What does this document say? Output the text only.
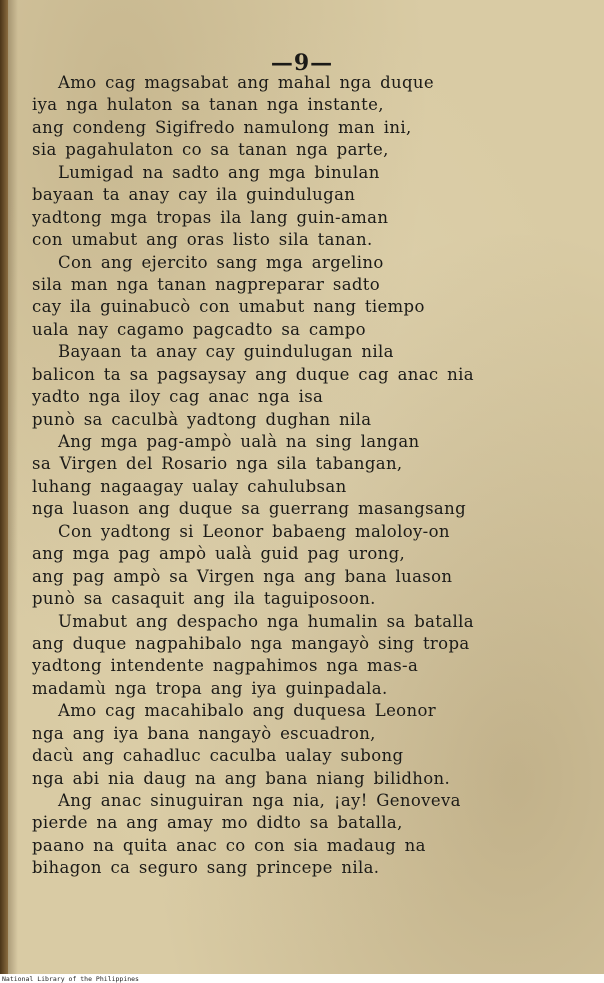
—9—
Amo cag magsabat ang mahal nga duque
iya nga hulaton sa tanan nga instante,
ang condeng Sigifredo namulong man ini,
sia pagahulaton co sa tanan nga parte,
Lumigad na sadto ang mga binulan
bayaan ta anay cay ila guindulugan
yadtong mga tropas ila lang guin-aman
con umabut ang oras listo sila tanan.
Con ang ejercito sang mga argelino
sila man nga tanan nagpreparar sadto
cay ila guinabucò con umabut nang tiempo
uala nay cagamo pagcadto sa campo
Bayaan ta anay cay guindulugan nila
balicon ta sa pagsaysay ang duque cag anac nia
yadto nga iloy cag anac nga isa
punò sa caculbà yadtong dughan nila
Ang mga pag-ampò ualà na sing langan
sa Virgen del Rosario nga sila tabangan,
luhang nagaagay ualay cahulubsan
nga luason ang duque sa guerrang masangsang
Con yadtong si Leonor babaeng maloloy-on
ang mga pag ampò ualà guid pag urong,
ang pag ampò sa Virgen nga ang bana luason
punò sa casaquit ang ila taguiposoon.
Umabut ang despacho nga humalin sa batalla
ang duque nagpahibalo nga mangayò sing tropa
yadtong intendente nagpahimos nga mas-a
madamù nga tropa ang iya guinpadala.
Amo cag macahibalo ang duquesa Leonor
nga ang iya bana nangayò escuadron,
dacù ang cahadluc caculba ualay subong
nga abi nia daug na ang bana niang bilidhon.
Ang anac sinuguiran nga nia, ¡ay! Genoveva
pierde na ang amay mo didto sa batalla,
paano na quita anac co con sia madaug na
bihagon ca seguro sang princepe nila.
National Library of the Philippines
